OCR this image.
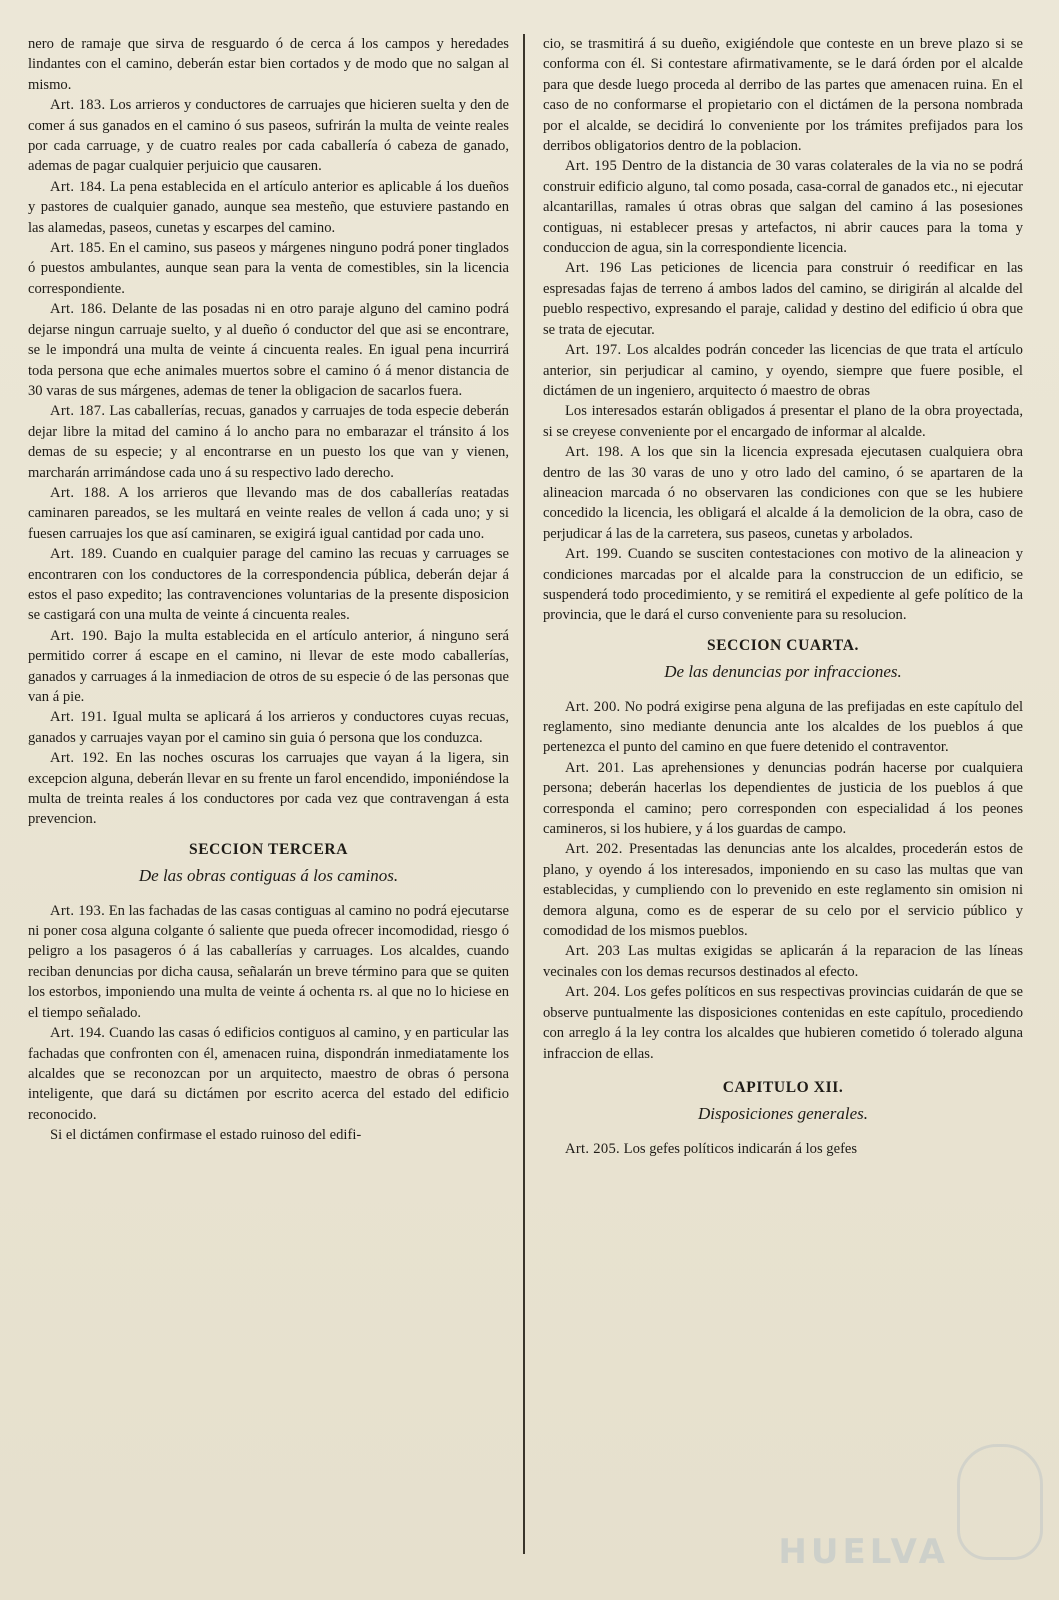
nero de ramaje que sirva de resguardo ó de cerca á los campos y heredades lindantes con el camino, deberán estar bien cortados y de modo que no salgan al mismo.

Art. 183. Los arrieros y conductores de carruajes que hicieren suelta y den de comer á sus ganados en el camino ó sus paseos, sufrirán la multa de veinte reales por cada carruage, y de cuatro reales por cada caballería ó cabeza de ganado, ademas de pagar cualquier perjuicio que causaren.

Art. 184. La pena establecida en el artículo anterior es aplicable á los dueños y pastores de cualquier ganado, aunque sea mesteño, que estuviere pastando en las alamedas, paseos, cunetas y escarpes del camino.

Art. 185. En el camino, sus paseos y márgenes ninguno podrá poner tinglados ó puestos ambulantes, aunque sean para la venta de comestibles, sin la licencia correspondiente.

Art. 186. Delante de las posadas ni en otro paraje alguno del camino podrá dejarse ningun carruaje suelto, y al dueño ó conductor del que asi se encontrare, se le impondrá una multa de veinte á cincuenta reales. En igual pena incurrirá toda persona que eche animales muertos sobre el camino ó á menor distancia de 30 varas de sus márgenes, ademas de tener la obligacion de sacarlos fuera.

Art. 187. Las caballerías, recuas, ganados y carruajes de toda especie deberán dejar libre la mitad del camino á lo ancho para no embarazar el tránsito á los demas de su especie; y al encontrarse en un puesto los que van y vienen, marcharán arrimándose cada uno á su respectivo lado derecho.

Art. 188. A los arrieros que llevando mas de dos caballerías reatadas caminaren pareados, se les multará en veinte reales de vellon á cada uno; y si fuesen carruajes los que así caminaren, se exigirá igual cantidad por cada uno.

Art. 189. Cuando en cualquier parage del camino las recuas y carruages se encontraren con los conductores de la correspondencia pública, deberán dejar á estos el paso expedito; las contravenciones voluntarias de la presente disposicion se castigará con una multa de veinte á cincuenta reales.

Art. 190. Bajo la multa establecida en el artículo anterior, á ninguno será permitido correr á escape en el camino, ni llevar de este modo caballerías, ganados y carruages á la inmediacion de otros de su especie ó de las personas que van á pie.

Art. 191. Igual multa se aplicará á los arrieros y conductores cuyas recuas, ganados y carruajes vayan por el camino sin guia ó persona que los conduzca.

Art. 192. En las noches oscuras los carruajes que vayan á la ligera, sin excepcion alguna, deberán llevar en su frente un farol encendido, imponiéndose la multa de treinta reales á los conductores por cada vez que contravengan á esta prevencion.

SECCION TERCERA
De las obras contiguas á los caminos.

Art. 193. En las fachadas de las casas contiguas al camino no podrá ejecutarse ni poner cosa alguna colgante ó saliente que pueda ofrecer incomodidad, riesgo ó peligro a los pasageros ó á las caballerías y carruages. Los alcaldes, cuando reciban denuncias por dicha causa, señalarán un breve término para que se quiten los estorbos, imponiendo una multa de veinte á ochenta rs. al que no lo hiciese en el tiempo señalado.

Art. 194. Cuando las casas ó edificios contiguos al camino, y en particular las fachadas que confronten con él, amenacen ruina, dispondrán inmediatamente los alcaldes que se reconozcan por un arquitecto, maestro de obras ó persona inteligente, que dará su dictámen por escrito acerca del estado del edificio reconocido.

Si el dictámen confirmase el estado ruinoso del edifi-

cio, se trasmitirá á su dueño, exigiéndole que conteste en un breve plazo si se conforma con él. Si contestare afirmativamente, se le dará órden por el alcalde para que desde luego proceda al derribo de las partes que amenacen ruina. En el caso de no conformarse el propietario con el dictámen de la persona nombrada por el alcalde, se decidirá lo conveniente por los trámites prefijados para los derribos obligatorios dentro de la poblacion.

Art. 195 Dentro de la distancia de 30 varas colaterales de la via no se podrá construir edificio alguno, tal como posada, casa-corral de ganados etc., ni ejecutar alcantarillas, ramales ú otras obras que salgan del camino á las posesiones contiguas, ni establecer presas y artefactos, ni abrir cauces para la toma y conduccion de agua, sin la correspondiente licencia.

Art. 196 Las peticiones de licencia para construir ó reedificar en las espresadas fajas de terreno á ambos lados del camino, se dirigirán al alcalde del pueblo respectivo, expresando el paraje, calidad y destino del edificio ú obra que se trata de ejecutar.

Art. 197. Los alcaldes podrán conceder las licencias de que trata el artículo anterior, sin perjudicar al camino, y oyendo, siempre que fuere posible, el dictámen de un ingeniero, arquitecto ó maestro de obras

Los interesados estarán obligados á presentar el plano de la obra proyectada, si se creyese conveniente por el encargado de informar al alcalde.

Art. 198. A los que sin la licencia expresada ejecutasen cualquiera obra dentro de las 30 varas de uno y otro lado del camino, ó se apartaren de la alineacion marcada ó no observaren las condiciones con que se les hubiere concedido la licencia, les obligará el alcalde á la demolicion de la obra, caso de perjudicar á las de la carretera, sus paseos, cunetas y arbolados.

Art. 199. Cuando se susciten contestaciones con motivo de la alineacion y condiciones marcadas por el alcalde para la construccion de un edificio, se suspenderá todo procedimiento, y se remitirá el expediente al gefe político de la provincia, que le dará el curso conveniente para su resolucion.

SECCION CUARTA.
De las denuncias por infracciones.

Art. 200. No podrá exigirse pena alguna de las prefijadas en este capítulo del reglamento, sino mediante denuncia ante los alcaldes de los pueblos á que pertenezca el punto del camino en que fuere detenido el contraventor.

Art. 201. Las aprehensiones y denuncias podrán hacerse por cualquiera persona; deberán hacerlas los dependientes de justicia de los pueblos á que corresponda el camino; pero corresponden con especialidad á los peones camineros, si los hubiere, y á los guardas de campo.

Art. 202. Presentadas las denuncias ante los alcaldes, procederán estos de plano, y oyendo á los interesados, imponiendo en su caso las multas que van establecidas, y cumpliendo con lo prevenido en este reglamento sin omision ni demora alguna, como es de esperar de su celo por el servicio público y comodidad de los mismos pueblos.

Art. 203 Las multas exigidas se aplicarán á la reparacion de las líneas vecinales con los demas recursos destinados al efecto.

Art. 204. Los gefes políticos en sus respectivas provincias cuidarán de que se observe puntualmente las disposiciones contenidas en este capítulo, procediendo con arreglo á la ley contra los alcaldes que hubieren cometido ó tolerado alguna infraccion de ellas.

CAPITULO XII.
Disposiciones generales.

Art. 205. Los gefes políticos indicarán á los gefes

HUELVA
